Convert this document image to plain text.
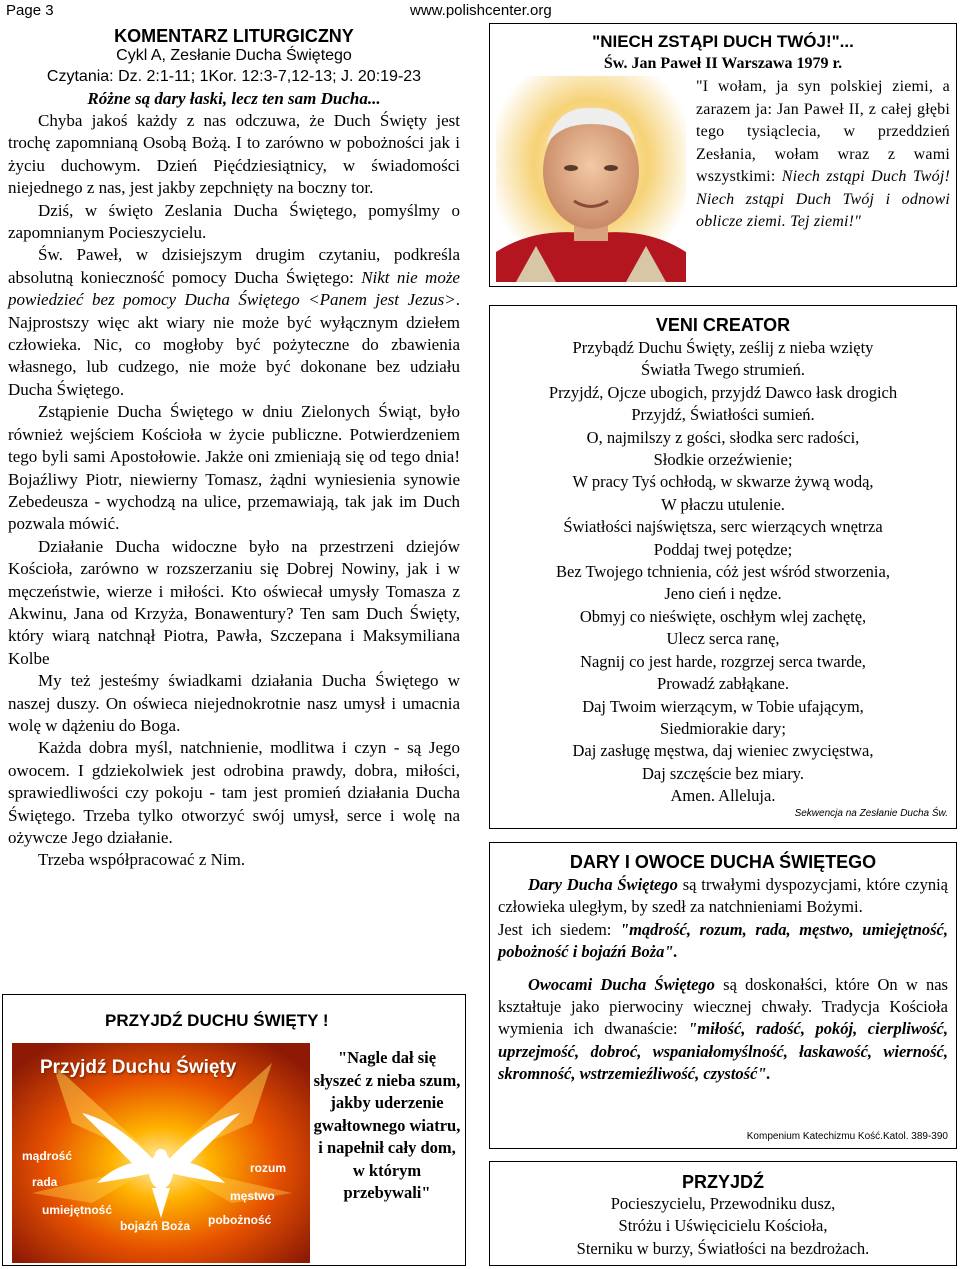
Page 3	www.polishcenter.org
KOMENTARZ LITURGICZNY
Cykl A, Zesłanie Ducha Świętego
Czytania: Dz. 2:1-11; 1Kor. 12:3-7,12-13; J. 20:19-23
Różne są dary łaski, lecz ten sam Ducha...

Chyba jakoś każdy z nas odczuwa, że Duch Święty jest trochę zapomnianą Osobą Bożą. I to zarówno w pobożności jak i życiu duchowym. Dzień Pięćdziesiątnicy, w świadomości niejednego z nas, jest jakby zepchnięty na boczny tor.

Dziś, w święto Zeslania Ducha Świętego, pomyślmy o zapomnianym Pocieszycielu.

Św. Paweł, w dzisiejszym drugim czytaniu, podkreśla absolutną konieczność pomocy Ducha Świętego: Nikt nie może powiedzieć bez pomocy Ducha Świętego <Panem jest Jezus>. Najprostszy więc akt wiary nie może być wyłącznym dziełem człowieka. Nic, co mogłoby być pożyteczne do zbawienia własnego, lub cudzego, nie może być dokonane bez udziału Ducha Świętego.

Zstąpienie Ducha Świętego w dniu Zielonych Świąt, było również wejściem Kościoła w życie publiczne. Potwierdzeniem tego byli sami Apostołowie. Jakże oni zmieniają się od tego dnia! Bojaźliwy Piotr, niewierny Tomasz, żądni wyniesienia synowie Zebedeusza - wychodzą na ulice, przemawiają, tak jak im Duch pozwala mówić.

Działanie Ducha widoczne było na przestrzeni dziejów Kościoła, zarówno w rozszerzaniu się Dobrej Nowiny, jak i w męczeństwie, wierze i miłości. Kto oświecał umysły Tomasza z Akwinu, Jana od Krzyża, Bonawentury? Ten sam Duch Święty, który wiarą natchnął Piotra, Pawła, Szczepana i Maksymiliana Kolbe

My też jesteśmy świadkami działania Ducha Świętego w naszej duszy. On oświeca niejednokrotnie nasz umysł i umacnia wolę w dążeniu do Boga.

Każda dobra myśl, natchnienie, modlitwa i czyn - są Jego owocem. I gdziekolwiek jest odrobina prawdy, dobra, miłości, sprawiedliwości czy pokoju - tam jest promień działania Ducha Świętego. Trzeba tylko otworzyć swój umysł, serce i wolę na ożywcze Jego działanie.

Trzeba współpracować z Nim.

"NIECH ZSTĄPI DUCH TWÓJ!"...
Św. Jan Paweł II Warszawa 1979 r.
"I wołam, ja syn polskiej ziemi, a zarazem ja: Jan Paweł II, z całej głębi tego tysiąclecia, w przeddzień Zesłania, wołam wraz z wami wszystkimi: Niech zstąpi Duch Twój! Niech zstąpi Duch Twój i odnowi oblicze ziemi. Tej ziemi!"
VENI CREATOR
Przybądź Duchu Święty, ześlij z nieba wzięty
Światła Twego strumień.
Przyjdź, Ojcze ubogich, przyjdź Dawco łask drogich
Przyjdź, Światłości sumień.
O, najmilszy z gości, słodka serc radości,
Słodkie orzeźwienie;
W pracy Tyś ochłodą, w skwarze żywą wodą,
W płaczu utulenie.
Światłości najświętsza, serc wierzących wnętrza
Poddaj twej potędze;
Bez Twojego tchnienia, cóż jest wśród stworzenia,
Jeno cień i nędze.
Obmyj co nieświęte, oschłym wlej zachętę,
Ulecz serca ranę,
Nagnij co jest harde, rozgrzej serca twarde,
Prowadź zabłąkane.
Daj Twoim wierzącym, w Tobie ufającym,
Siedmiorakie dary;
Daj zasługę męstwa, daj wieniec zwycięstwa,
Daj szczęście bez miary.
Amen. Alleluja.
Sekwencja na Zesłanie Ducha Św.
DARY I OWOCE DUCHA ŚWIĘTEGO

Dary Ducha Świętego są trwałymi dyspozycjami, które czynią człowieka uległym, by szedł za natchnieniami Bożymi.

Jest ich siedem: "mądrość, rozum, rada, męstwo, umiejętność, pobożność i bojaźń Boża".

Owocami Ducha Świętego są doskonałści, które On w nas kształtuje jako pierwociny wiecznej chwały. Tradycja Kościoła wymienia ich dwanaście: "miłość, radość, pokój, cierpliwość, uprzejmość, dobroć, wspaniałomyślność, łaskawość, wierność, skromność, wstrzemieźliwość, czystość".

Kompenium Katechizmu Kość.Katol. 389-390
PRZYJDŹ DUCHU ŚWIĘTY !
Przyjdź Duchu Święty
mądrość
rada
umiejętność
bojaźń Boża pobożność
męstwo
rozum
"Nagle dał się słyszeć z nieba szum, jakby uderzenie gwałtownego wiatru, i napełnił cały dom, w którym przebywali"
PRZYJDŹ
Pocieszycielu, Przewodniku dusz,
Stróżu i Uświęcicielu Kościoła,
Sterniku w burzy, Światłości na bezdrożach.
